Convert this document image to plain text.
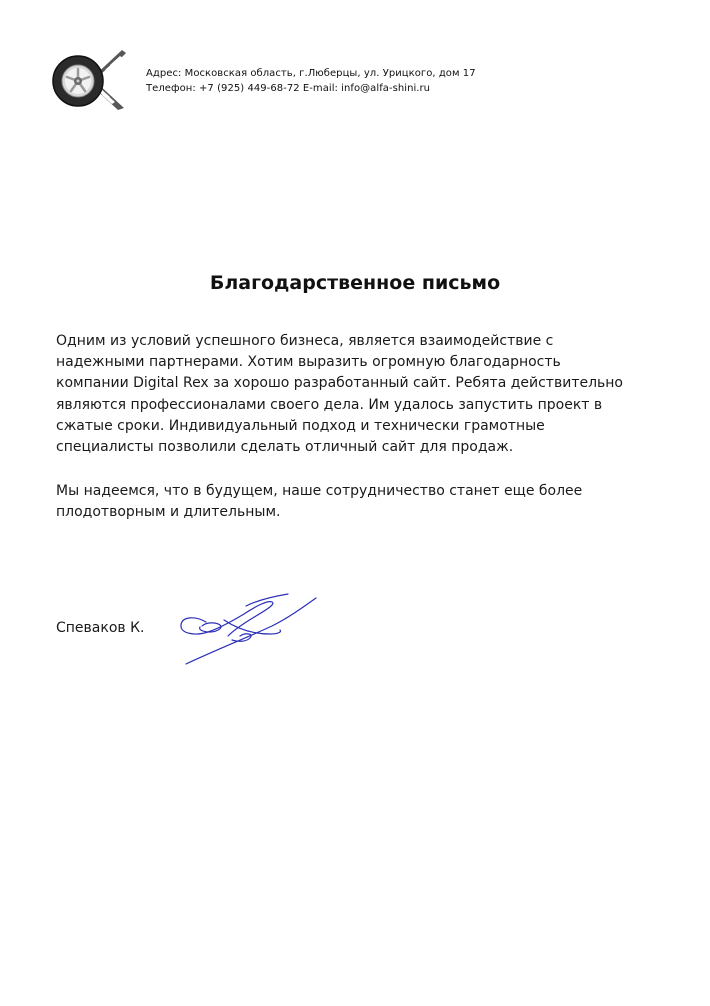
Адрес: Московская область, г.Люберцы, ул. Урицкого, дом 17
Телефон: +7 (925) 449-68-72 E-mail: info@alfa-shini.ru
Благодарственное письмо
Одним из условий успешного бизнеса, является взаимодействие с
надежными партнерами. Хотим выразить огромную благодарность
компании Digital Rex за хорошо разработанный сайт. Ребята действительно
являются профессионалами своего дела. Им удалось запустить проект в
сжатые сроки. Индивидуальный подход и технически грамотные
специалисты позволили сделать отличный сайт для продаж.
Мы надеемся, что в будущем, наше сотрудничество станет еще более
плодотворным и длительным.
Спеваков К.
